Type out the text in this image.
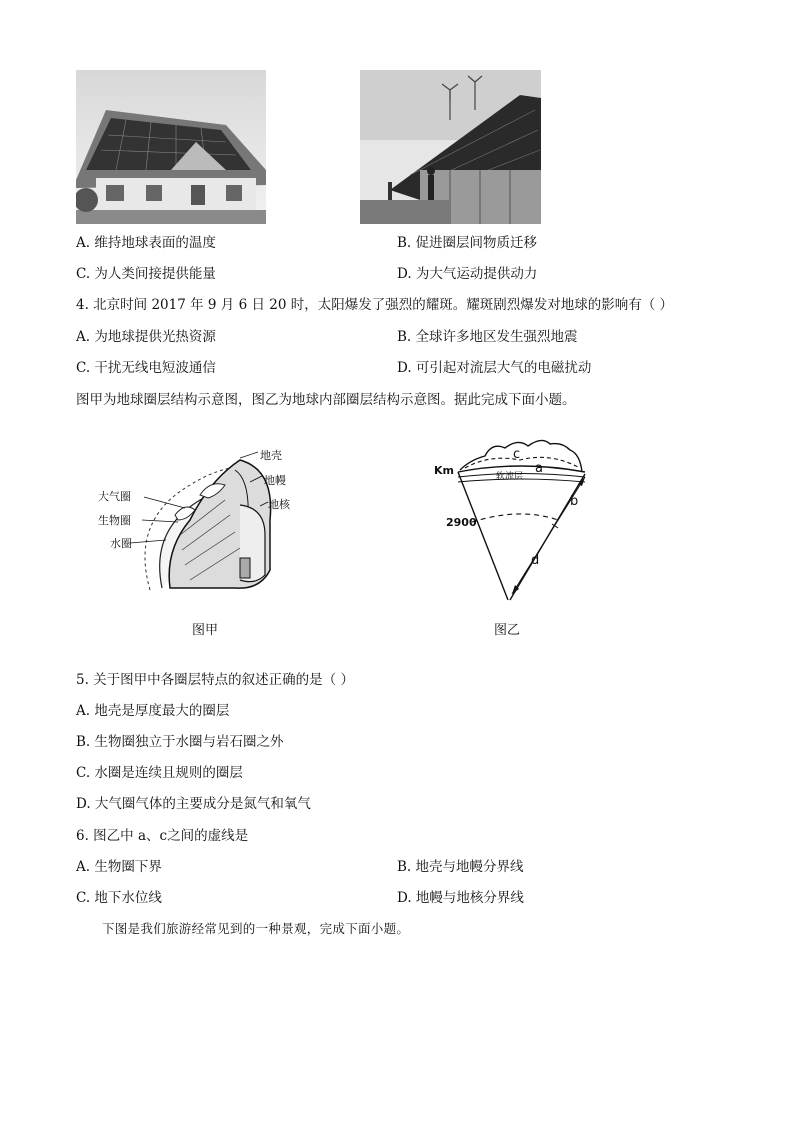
A. 维持地球表面的温度	B. 促进圈层间物质迁移
C. 为人类间接提供能量	D. 为大气运动提供动力
4. 北京时间 2017 年 9 月 6 日 20 时，太阳爆发了强烈的耀斑。耀斑剧烈爆发对地球的影响有（ ）
A. 为地球提供光热资源	B. 全球许多地区发生强烈地震
C. 干扰无线电短波通信	D. 可引起对流层大气的电磁扰动
图甲为地球圈层结构示意图，图乙为地球内部圈层结构示意图。据此完成下面小题。
地壳
地幔
地核
大气圈
生物圈
水圈
图甲
Km
2900
c
a
软流层
b
d
图乙
5. 关于图甲中各圈层特点的叙述正确的是（ ）
A. 地壳是厚度最大的圈层
B. 生物圈独立于水圈与岩石圈之外
C. 水圈是连续且规则的圈层
D. 大气圈气体的主要成分是氮气和氧气
6. 图乙中 a、c之间的虚线是
A. 生物圈下界	B. 地壳与地幔分界线
C. 地下水位线	D. 地幔与地核分界线
下图是我们旅游经常见到的一种景观，完成下面小题。
